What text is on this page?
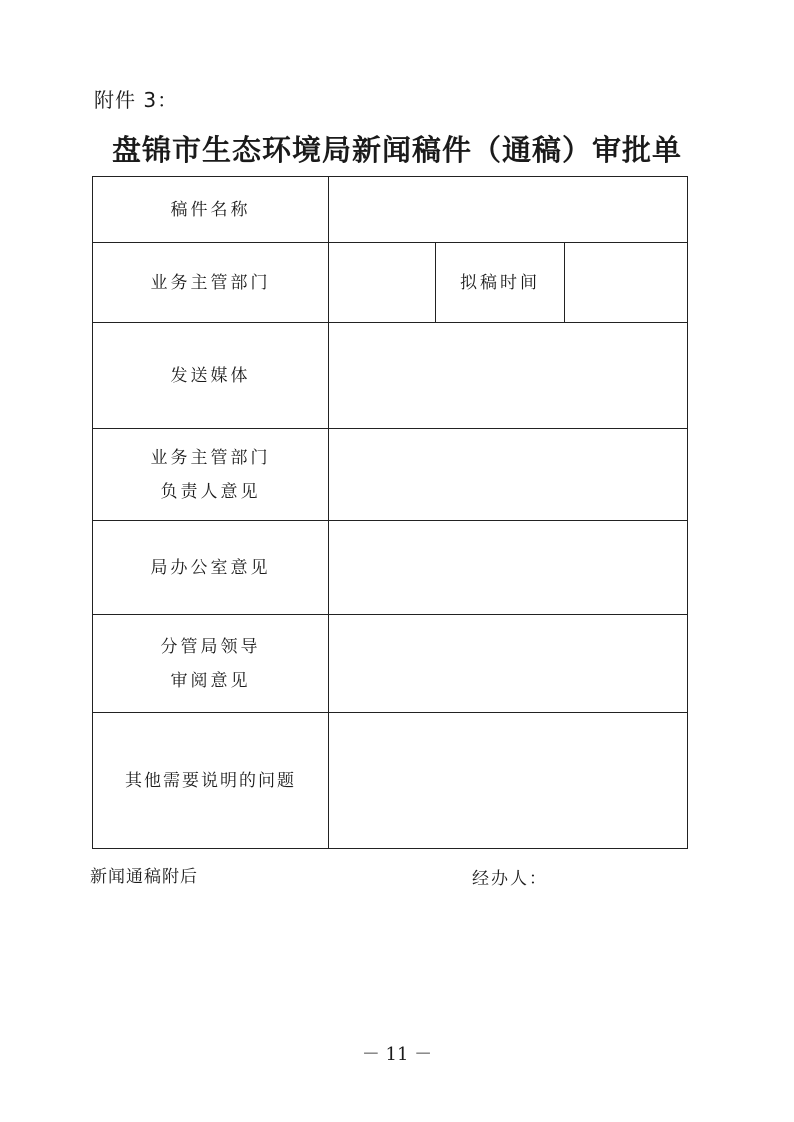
附件 3：
盘锦市生态环境局新闻稿件（通稿）审批单
稿件名称			
业务主管部门		拟稿时间	
发送媒体			

业务主管部门
负责人意见			

局办公室意见			

分管局领导
审阅意见			

其他需要说明的问题			
新闻通稿附后	经办人：
－ 11 －
